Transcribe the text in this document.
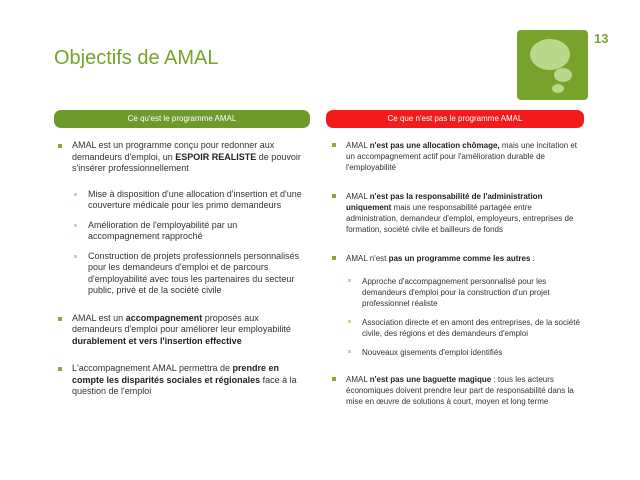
Objectifs de AMAL
13
Ce qu'est le programme AMAL	Ce que n'est pas le programme AMAL

AMAL est un programme conçu pour redonner aux demandeurs d'emploi, un ESPOIR REALISTE de pouvoir s'insérer professionnellement

Mise à disposition d'une allocation d'insertion et d'une couverture médicale pour les primo demandeurs

Amélioration de l'employabilité par un accompagnement rapproché

Construction de projets professionnels personnalisés pour les demandeurs d'emploi et de parcours d'employabilité avec tous les partenaires du secteur public, privé et de la société civile

AMAL est un accompagnement proposés aux demandeurs d'emploi pour améliorer leur employabilité durablement et vers l'insertion effective

L'accompagnement AMAL permettra de prendre en compte les disparités sociales et régionales face à la question de l'emploi

AMAL n'est pas une allocation chômage, mais une incitation et un accompagnement actif pour l'amélioration durable de l'employabilité

AMAL n'est pas la responsabilité de l'administration uniquement mais une responsabilité partagée entre administration, demandeur d'emploi, employeurs, entreprises de formation, société civile et bailleurs de fonds

AMAL n'est pas un programme comme les autres :

Approche d'accompagnement personnalisé pour les demandeurs d'emploi pour la construction d'un projet professionnel réaliste

Association directe et en amont des entreprises, de la société civile, des régions et des demandeurs d'emploi

Nouveaux gisements d'emploi identifiés

AMAL n'est pas une baguette magique : tous les acteurs économiques doivent prendre leur part de responsabilité dans la mise en œuvre de solutions à court, moyen et long terme
